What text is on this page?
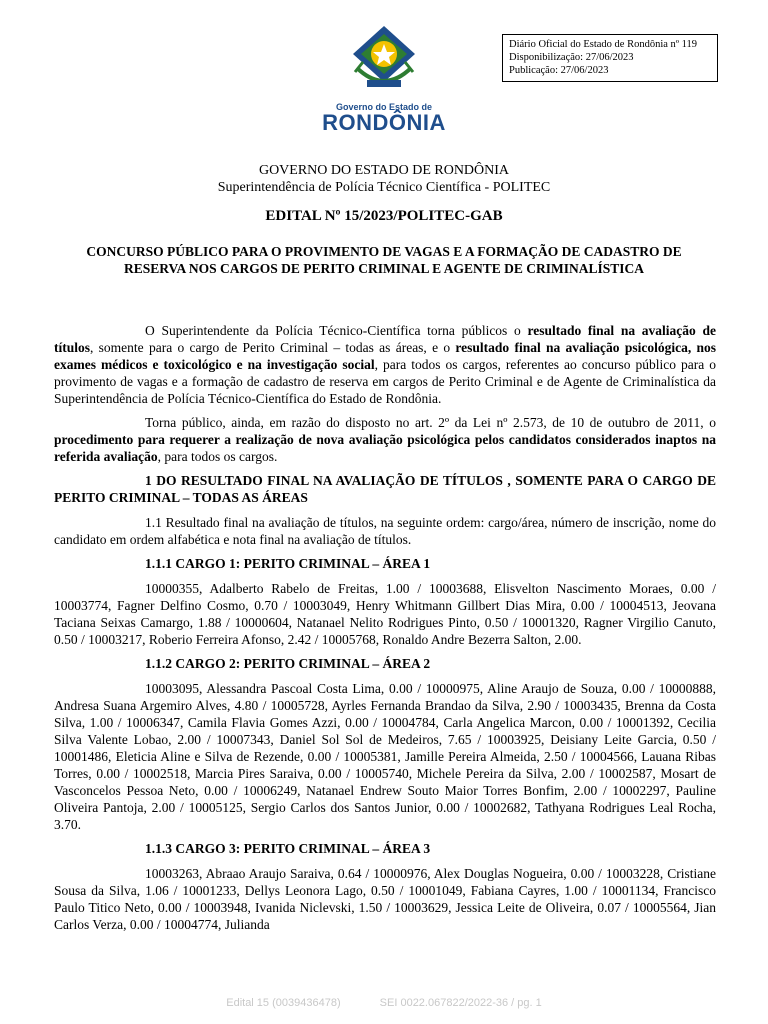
Diário Oficial do Estado de Rondônia nº 119
Disponibilização: 27/06/2023
Publicação: 27/06/2023
Governo do Estado de
RONDÔNIA
GOVERNO DO ESTADO DE RONDÔNIA
Superintendência de Polícia Técnico Científica - POLITEC
EDITAL Nº 15/2023/POLITEC-GAB
CONCURSO PÚBLICO PARA O PROVIMENTO DE VAGAS E A FORMAÇÃO DE CADASTRO DE RESERVA NOS CARGOS DE PERITO CRIMINAL E AGENTE DE CRIMINALÍSTICA

O Superintendente da Polícia Técnico-Científica torna públicos o resultado final na avaliação de títulos, somente para o cargo de Perito Criminal – todas as áreas, e o resultado final na avaliação psicológica, nos exames médicos e toxicológico e na investigação social, para todos os cargos, referentes ao concurso público para o provimento de vagas e a formação de cadastro de reserva em cargos de Perito Criminal e de Agente de Criminalística da Superintendência de Polícia Técnico-Científica do Estado de Rondônia.

Torna público, ainda, em razão do disposto no art. 2º da Lei nº 2.573, de 10 de outubro de 2011, o procedimento para requerer a realização de nova avaliação psicológica pelos candidatos considerados inaptos na referida avaliação, para todos os cargos.

1 DO RESULTADO FINAL NA AVALIAÇÃO DE TÍTULOS , SOMENTE PARA O CARGO DE PERITO CRIMINAL – TODAS AS ÁREAS

1.1 Resultado final na avaliação de títulos, na seguinte ordem: cargo/área, número de inscrição, nome do candidato em ordem alfabética e nota final na avaliação de títulos.

1.1.1 CARGO 1: PERITO CRIMINAL – ÁREA 1

10000355, Adalberto Rabelo de Freitas, 1.00 / 10003688, Elisvelton Nascimento Moraes, 0.00 / 10003774, Fagner Delfino Cosmo, 0.70 / 10003049, Henry Whitmann Gillbert Dias Mira, 0.00 / 10004513, Jeovana Taciana Seixas Camargo, 1.88 / 10000604, Natanael Nelito Rodrigues Pinto, 0.50 / 10001320, Ragner Virgilio Canuto, 0.50 / 10003217, Roberio Ferreira Afonso, 2.42 / 10005768, Ronaldo Andre Bezerra Salton, 2.00.

1.1.2 CARGO 2: PERITO CRIMINAL – ÁREA 2

10003095, Alessandra Pascoal Costa Lima, 0.00 / 10000975, Aline Araujo de Souza, 0.00 / 10000888, Andresa Suana Argemiro Alves, 4.80 / 10005728, Ayrles Fernanda Brandao da Silva, 2.90 / 10003435, Brenna da Costa Silva, 1.00 / 10006347, Camila Flavia Gomes Azzi, 0.00 / 10004784, Carla Angelica Marcon, 0.00 / 10001392, Cecilia Silva Valente Lobao, 2.00 / 10007343, Daniel Sol Sol de Medeiros, 7.65 / 10003925, Deisiany Leite Garcia, 0.50 / 10001486, Eleticia Aline e Silva de Rezende, 0.00 / 10005381, Jamille Pereira Almeida, 2.50 / 10004566, Lauana Ribas Torres, 0.00 / 10002518, Marcia Pires Saraiva, 0.00 / 10005740, Michele Pereira da Silva, 2.00 / 10002587, Mosart de Vasconcelos Pessoa Neto, 0.00 / 10006249, Natanael Endrew Souto Maior Torres Bonfim, 2.00 / 10002297, Pauline Oliveira Pantoja, 2.00 / 10005125, Sergio Carlos dos Santos Junior, 0.00 / 10002682, Tathyana Rodrigues Leal Rocha, 3.70.

1.1.3 CARGO 3: PERITO CRIMINAL – ÁREA 3

10003263, Abraao Araujo Saraiva, 0.64 / 10000976, Alex Douglas Nogueira, 0.00 / 10003228, Cristiane Sousa da Silva, 1.06 / 10001233, Dellys Leonora Lago, 0.50 / 10001049, Fabiana Cayres, 1.00 / 10001134, Francisco Paulo Titico Neto, 0.00 / 10003948, Ivanida Niclevski, 1.50 / 10003629, Jessica Leite de Oliveira, 0.07 / 10005564, Jian Carlos Verza, 0.00 / 10004774, Julianda

Edital 15 (0039436478)	SEI 0022.067822/2022-36 / pg. 1
